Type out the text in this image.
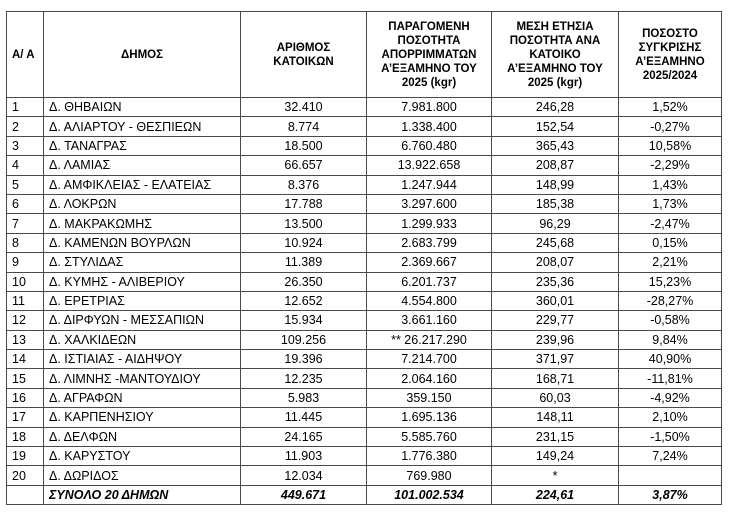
Α/ Α	ΔΗΜΟΣ	ΑΡΙΘΜΟΣ ΚΑΤΟΙΚΩΝ	ΠΑΡΑΓΟΜΕΝΗ ΠΟΣΟΤΗΤΑ ΑΠΟΡΡΙΜΜΑΤΩΝ Α’ΕΞΑΜΗΝΟ ΤΟΥ 2025 (kgr)	ΜΕΣΗ ΕΤΗΣΙΑ ΠΟΣΟΤΗΤΑ ΑΝΑ ΚΑΤΟΙΚΟ Α’ΕΞΑΜΗΝΟ ΤΟΥ 2025 (kgr)	ΠΟΣΟΣΤΟ ΣΥΓΚΡΙΣΗΣ Α’ΕΞΑΜΗΝΟ 2025/2024
1	Δ. ΘΗΒΑΙΩΝ	32.410	7.981.800	246,28	1,52%
2	Δ. ΑΛΙΑΡΤΟΥ - ΘΕΣΠΙΕΩΝ	8.774	1.338.400	152,54	-0,27%
3	Δ. ΤΑΝΑΓΡΑΣ	18.500	6.760.480	365,43	10,58%
4	Δ. ΛΑΜΙΑΣ	66.657	13.922.658	208,87	-2,29%
5	Δ. ΑΜΦΙΚΛΕΙΑΣ - ΕΛΑΤΕΙΑΣ	8.376	1.247.944	148,99	1,43%
6	Δ. ΛΟΚΡΩΝ	17.788	3.297.600	185,38	1,73%
7	Δ. ΜΑΚΡΑΚΩΜΗΣ	13.500	1.299.933	96,29	-2,47%
8	Δ. ΚΑΜΕΝΩΝ ΒΟΥΡΛΩΝ	10.924	2.683.799	245,68	0,15%
9	Δ. ΣΤΥΛΙΔΑΣ	11.389	2.369.667	208,07	2,21%
10	Δ. ΚΥΜΗΣ - ΑΛΙΒΕΡΙΟΥ	26.350	6.201.737	235,36	15,23%
11	Δ. ΕΡΕΤΡΙΑΣ	12.652	4.554.800	360,01	-28,27%
12	Δ. ΔΙΡΦΥΩΝ - ΜΕΣΣΑΠΙΩΝ	15.934	3.661.160	229,77	-0,58%
13	Δ. ΧΑΛΚΙΔΕΩΝ	109.256	** 26.217.290	239,96	9,84%
14	Δ. ΙΣΤΙΑΙΑΣ - ΑΙΔΗΨΟΥ	19.396	7.214.700	371,97	40,90%
15	Δ. ΛΙΜΝΗΣ -ΜΑΝΤΟΥΔΙΟΥ	12.235	2.064.160	168,71	-11,81%
16	Δ. ΑΓΡΑΦΩΝ	5.983	359.150	60,03	-4,92%
17	Δ. ΚΑΡΠΕΝΗΣΙΟΥ	11.445	1.695.136	148,11	2,10%
18	Δ. ΔΕΛΦΩΝ	24.165	5.585.760	231,15	-1,50%
19	Δ. ΚΑΡΥΣΤΟΥ	11.903	1.776.380	149,24	7,24%
20	Δ. ΔΩΡΙΔΟΣ	12.034	769.980	*	
	ΣΥΝΟΛΟ 20 ΔΗΜΩΝ	449.671	101.002.534	224,61	3,87%
